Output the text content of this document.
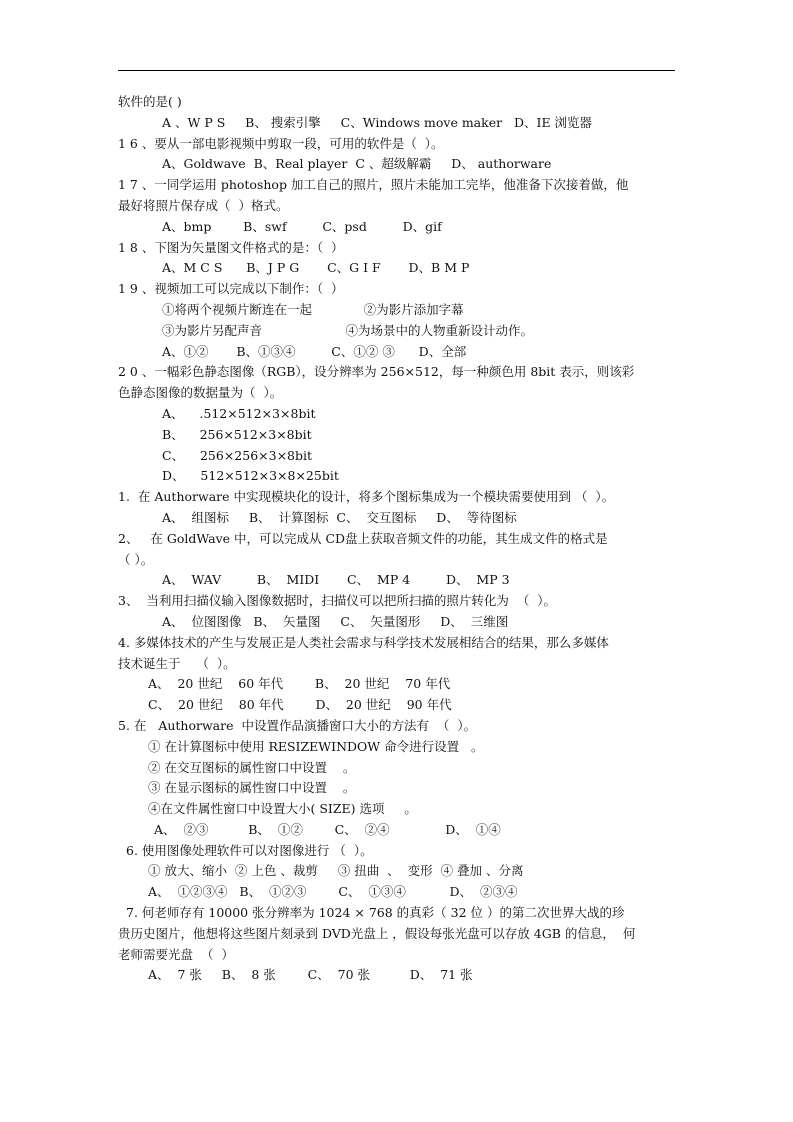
软件的是( )
A 、W P S     B、 搜索引擎     C、Windows move maker   D、IE 浏览器
1 6 、要从一部电影视频中剪取一段，可用的软件是（  ）。
A、Goldwave  B、Real player  C 、超级解霸     D、 authorware
1 7 、一同学运用 photoshop 加工自己的照片，照片未能加工完毕，他准备下次接着做，他
最好将照片保存成（  ）格式。
A、bmp        B、swf         C、psd         D、gif
1 8 、下图为矢量图文件格式的是：（  ）
A、M C S      B、J P G       C、G I F       D、B M P
1 9 、视频加工可以完成以下制作：（  ）
①将两个视频片断连在一起             ②为影片添加字幕
③为影片另配声音                     ④为场景中的人物重新设计动作。
A、①②       B、①③④         C、①② ③      D、全部
2 0 、一幅彩色静态图像（RGB），设分辨率为 256×512，每一种颜色用 8bit 表示，则该彩
色静态图像的数据量为（  ）。
A、    .512×512×3×8bit
B、    256×512×3×8bit
C、    256×256×3×8bit
D、    512×512×3×8×25bit
1.  在 Authorware 中实现模块化的设计，将多个图标集成为一个模块需要使用到 （  ）。
A、  组图标     B、  计算图标  C、  交互图标     D、  等待图标
2、   在 GoldWave 中，可以完成从 CD盘上获取音频文件的功能，其生成文件的格式是
（ ）。
A、  WAV         B、  MIDI       C、  MP 4         D、  MP 3
3、  当利用扫描仪输入图像数据时，扫描仪可以把所扫描的照片转化为  （  ）。
A、  位图图像   B、  矢量图     C、  矢量图形     D、  三维图
4. 多媒体技术的产生与发展正是人类社会需求与科学技术发展相结合的结果，那么多媒体
技术诞生于    （  ）。
A、  20 世纪    60 年代        B、  20 世纪    70 年代
C、  20 世纪    80 年代        D、  20 世纪    90 年代
5. 在   Authorware  中设置作品演播窗口大小的方法有  （  ）。
① 在计算图标中使用 RESIZEWINDOW 命令进行设置   。
② 在交互图标的属性窗口中设置    。
③ 在显示图标的属性窗口中设置    。
④在文件属性窗口中设置大小( SIZE) 选项     。
A、  ②③          B、  ①②        C、  ②④              D、  ①④
6. 使用图像处理软件可以对图像进行 （  ）。
① 放大、缩小  ② 上色 、裁剪     ③ 扭曲  、  变形  ④ 叠加 、分离
A、  ①②③④   B、  ①②③        C、  ①③④           D、  ②③④
7. 何老师存有 10000 张分辨率为 1024 × 768 的真彩（ 32 位 ）的第二次世界大战的珍
贵历史图片，他想将这些图片刻录到 DVD光盘上 ，假设每张光盘可以存放 4GB 的信息，  何
老师需要光盘  （  ）
A、  7 张     B、  8 张        C、  70 张          D、  71 张
